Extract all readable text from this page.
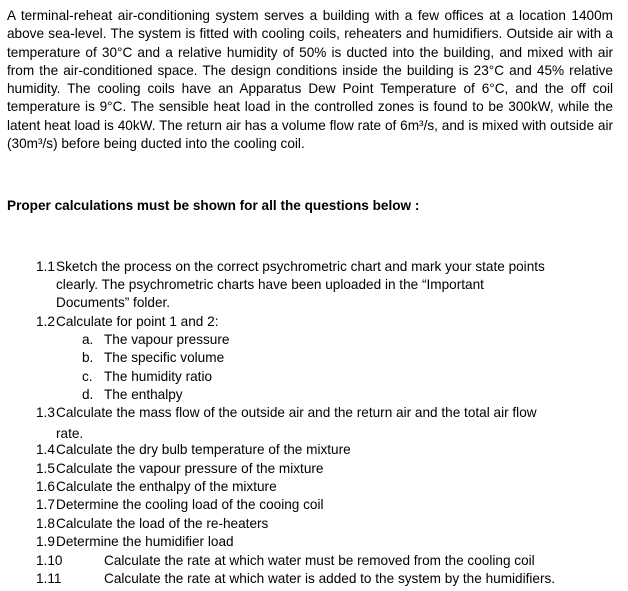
A terminal-reheat air-conditioning system serves a building with a few offices at a location 1400m above sea-level. The system is fitted with cooling coils, reheaters and humidifiers. Outside air with a temperature of 30°C and a relative humidity of 50% is ducted into the building, and mixed with air from the air-conditioned space. The design conditions inside the building is 23°C and 45% relative humidity. The cooling coils have an Apparatus Dew Point Temperature of 6°C, and the off coil temperature is 9°C. The sensible heat load in the controlled zones is found to be 300kW, while the latent heat load is 40kW. The return air has a volume flow rate of 6m³/s, and is mixed with outside air (30m³/s) before being ducted into the cooling coil.

Proper calculations must be shown for all the questions below :

1.1Sketch the process on the correct psychrometric chart and mark your state points
clearly. The psychrometric charts have been uploaded in the “Important
Documents” folder.
1.2Calculate for point 1 and 2:
a. The vapour pressure
b. The specific volume
c. The humidity ratio
d. The enthalpy
1.3Calculate the mass flow of the outside air and the return air and the total air flow
rate.
1.4Calculate the dry bulb temperature of the mixture
1.5Calculate the vapour pressure of the mixture
1.6Calculate the enthalpy of the mixture
1.7Determine the cooling load of the cooing coil
1.8Calculate the load of the re-heaters
1.9Determine the humidifier load
1.10	Calculate the rate at which water must be removed from the cooling coil
1.11	Calculate the rate at which water is added to the system by the humidifiers.
